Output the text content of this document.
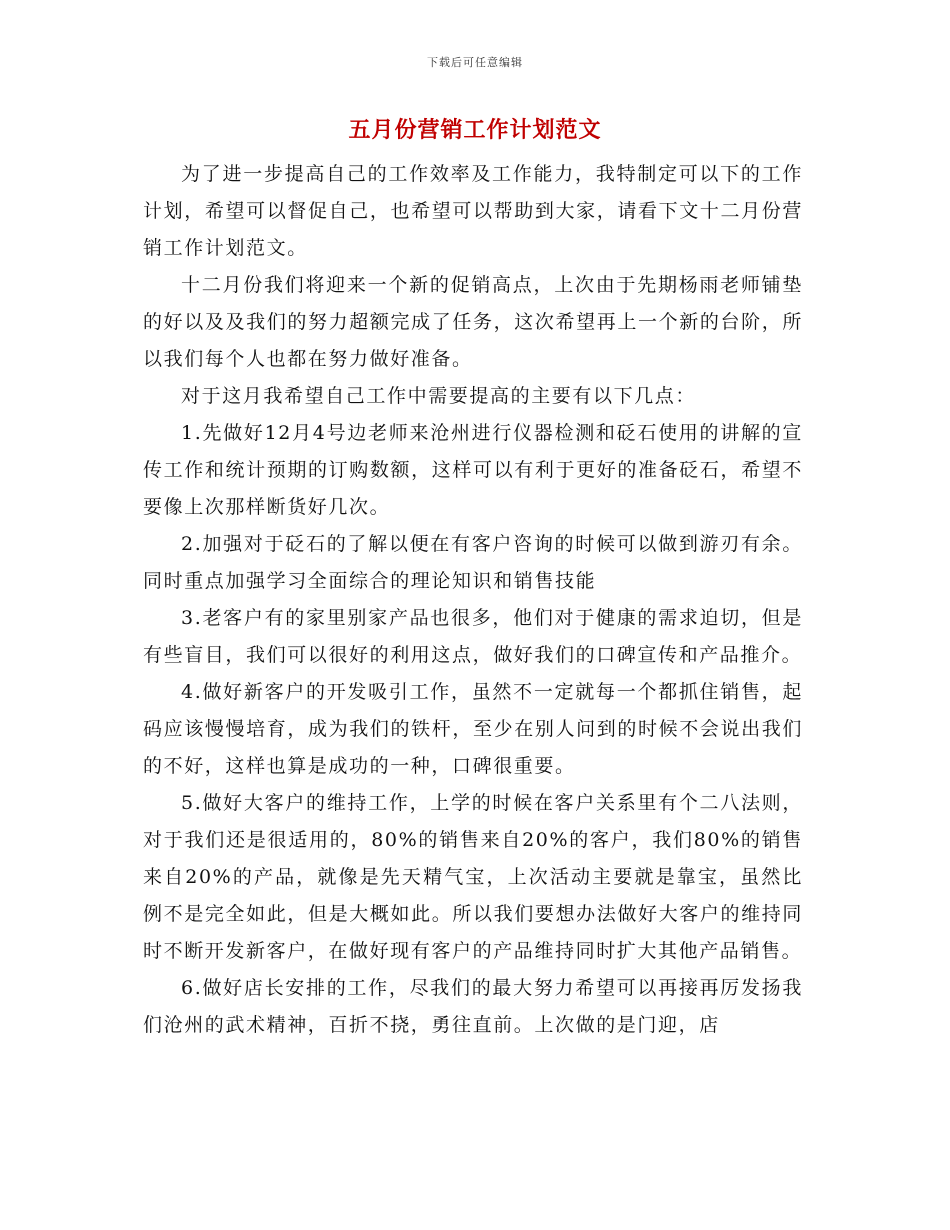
下载后可任意编辑
五月份营销工作计划范文

为了进一步提高自己的工作效率及工作能力，我特制定可以下的工作计划，希望可以督促自己，也希望可以帮助到大家，请看下文十二月份营销工作计划范文。

十二月份我们将迎来一个新的促销高点，上次由于先期杨雨老师铺垫的好以及及我们的努力超额完成了任务，这次希望再上一个新的台阶，所以我们每个人也都在努力做好准备。

对于这月我希望自己工作中需要提高的主要有以下几点：

1.先做好12月4号边老师来沧州进行仪器检测和砭石使用的讲解的宣传工作和统计预期的订购数额，这样可以有利于更好的准备砭石，希望不要像上次那样断货好几次。

2.加强对于砭石的了解以便在有客户咨询的时候可以做到游刃有余。同时重点加强学习全面综合的理论知识和销售技能

3.老客户有的家里别家产品也很多，他们对于健康的需求迫切，但是有些盲目，我们可以很好的利用这点，做好我们的口碑宣传和产品推介。

4.做好新客户的开发吸引工作，虽然不一定就每一个都抓住销售，起码应该慢慢培育，成为我们的铁杆，至少在别人问到的时候不会说出我们的不好，这样也算是成功的一种，口碑很重要。

5.做好大客户的维持工作，上学的时候在客户关系里有个二八法则，对于我们还是很适用的，80%的销售来自20%的客户，我们80%的销售来自20%的产品，就像是先天精气宝，上次活动主要就是靠宝，虽然比例不是完全如此，但是大概如此。所以我们要想办法做好大客户的维持同时不断开发新客户，在做好现有客户的产品维持同时扩大其他产品销售。

6.做好店长安排的工作，尽我们的最大努力希望可以再接再厉发扬我们沧州的武术精神，百折不挠，勇往直前。上次做的是门迎，店
